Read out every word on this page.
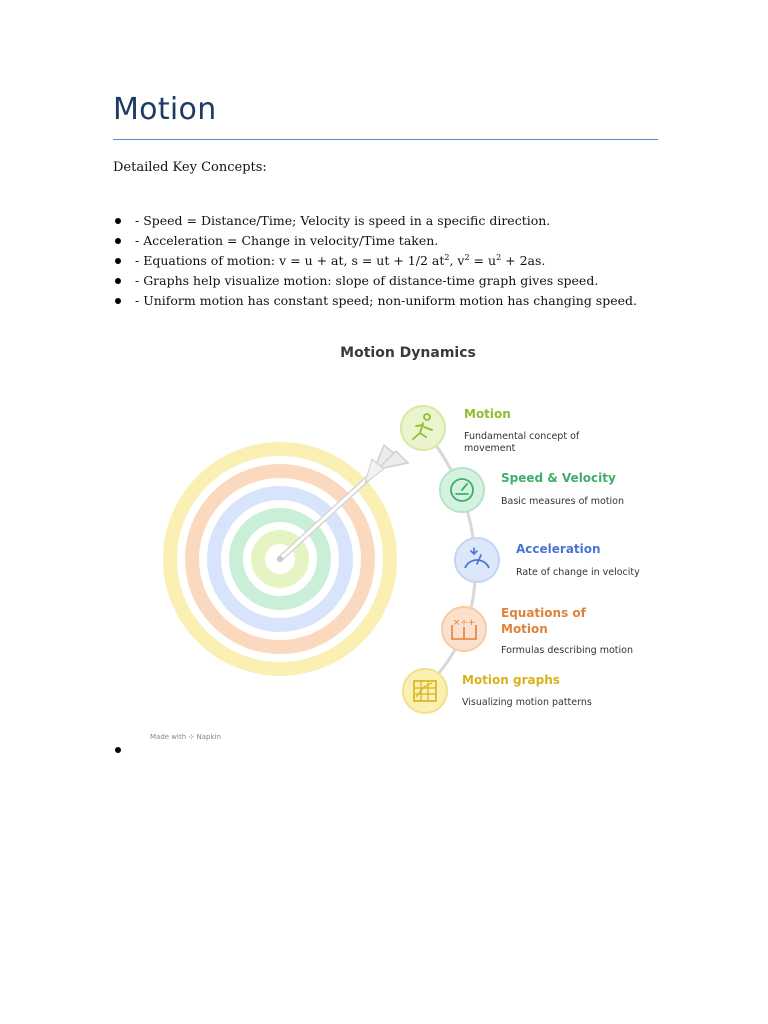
Motion
Detailed Key Concepts:
- Speed = Distance/Time; Velocity is speed in a specific direction.
- Acceleration = Change in velocity/Time taken.
- Equations of motion: v = u + at, s = ut + 1/2 $at^2$, $v^2 = u^2 + 2as$.
- Graphs help visualize motion: slope of distance-time graph gives speed.
- Uniform motion has constant speed; non-uniform motion has changing speed.
Motion Dynamics
×÷+
Motion
Fundamental concept of
movement
Speed & Velocity
Basic measures of motion
Acceleration
Rate of change in velocity
Equations of
Motion
Formulas describing motion
Motion graphs
Visualizing motion patterns
Made with ⊹ Napkin
